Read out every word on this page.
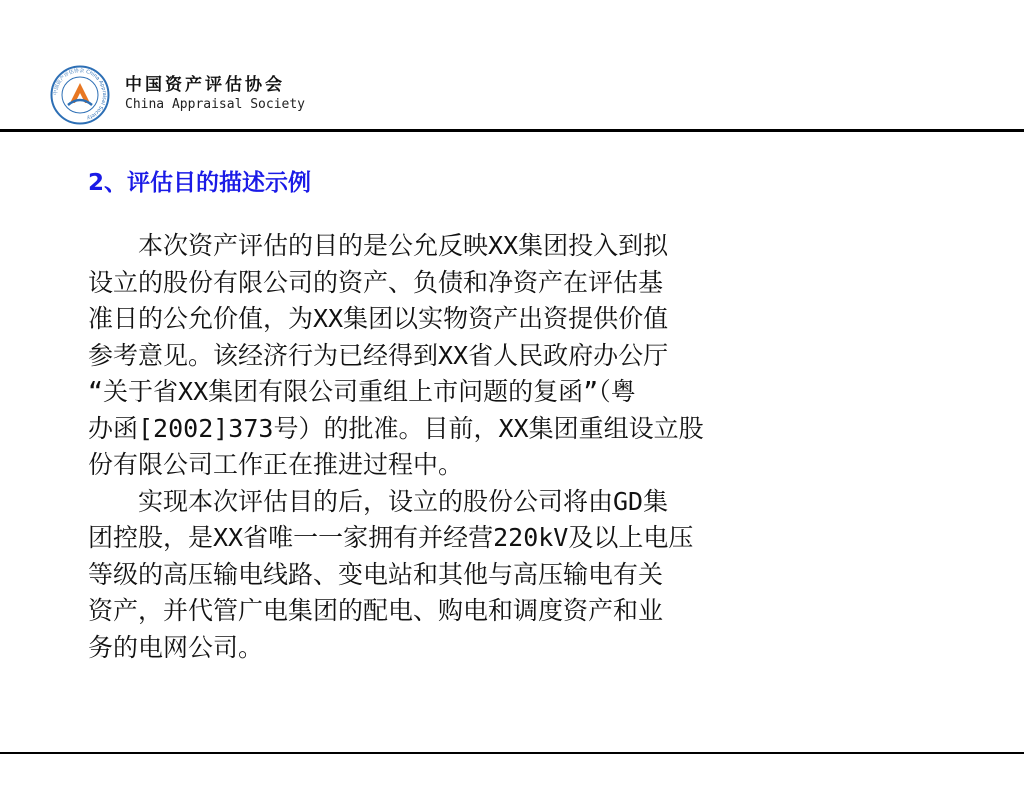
中国资产评估协会 China Appraisal Society
中国资产评估协会
China Appraisal Society
2、评估目的描述示例

　　本次资产评估的目的是公允反映XX集团投入到拟

设立的股份有限公司的资产、负债和净资产在评估基

准日的公允价值，为XX集团以实物资产出资提供价值

参考意见。该经济行为已经得到XX省人民政府办公厅

“关于省XX集团有限公司重组上市问题的复函”（粤

办函[2002]373号）的批准。目前，XX集团重组设立股

份有限公司工作正在推进过程中。

　　实现本次评估目的后，设立的股份公司将由GD集

团控股，是XX省唯一一家拥有并经营220kV及以上电压

等级的高压输电线路、变电站和其他与高压输电有关

资产，并代管广电集团的配电、购电和调度资产和业

务的电网公司。
